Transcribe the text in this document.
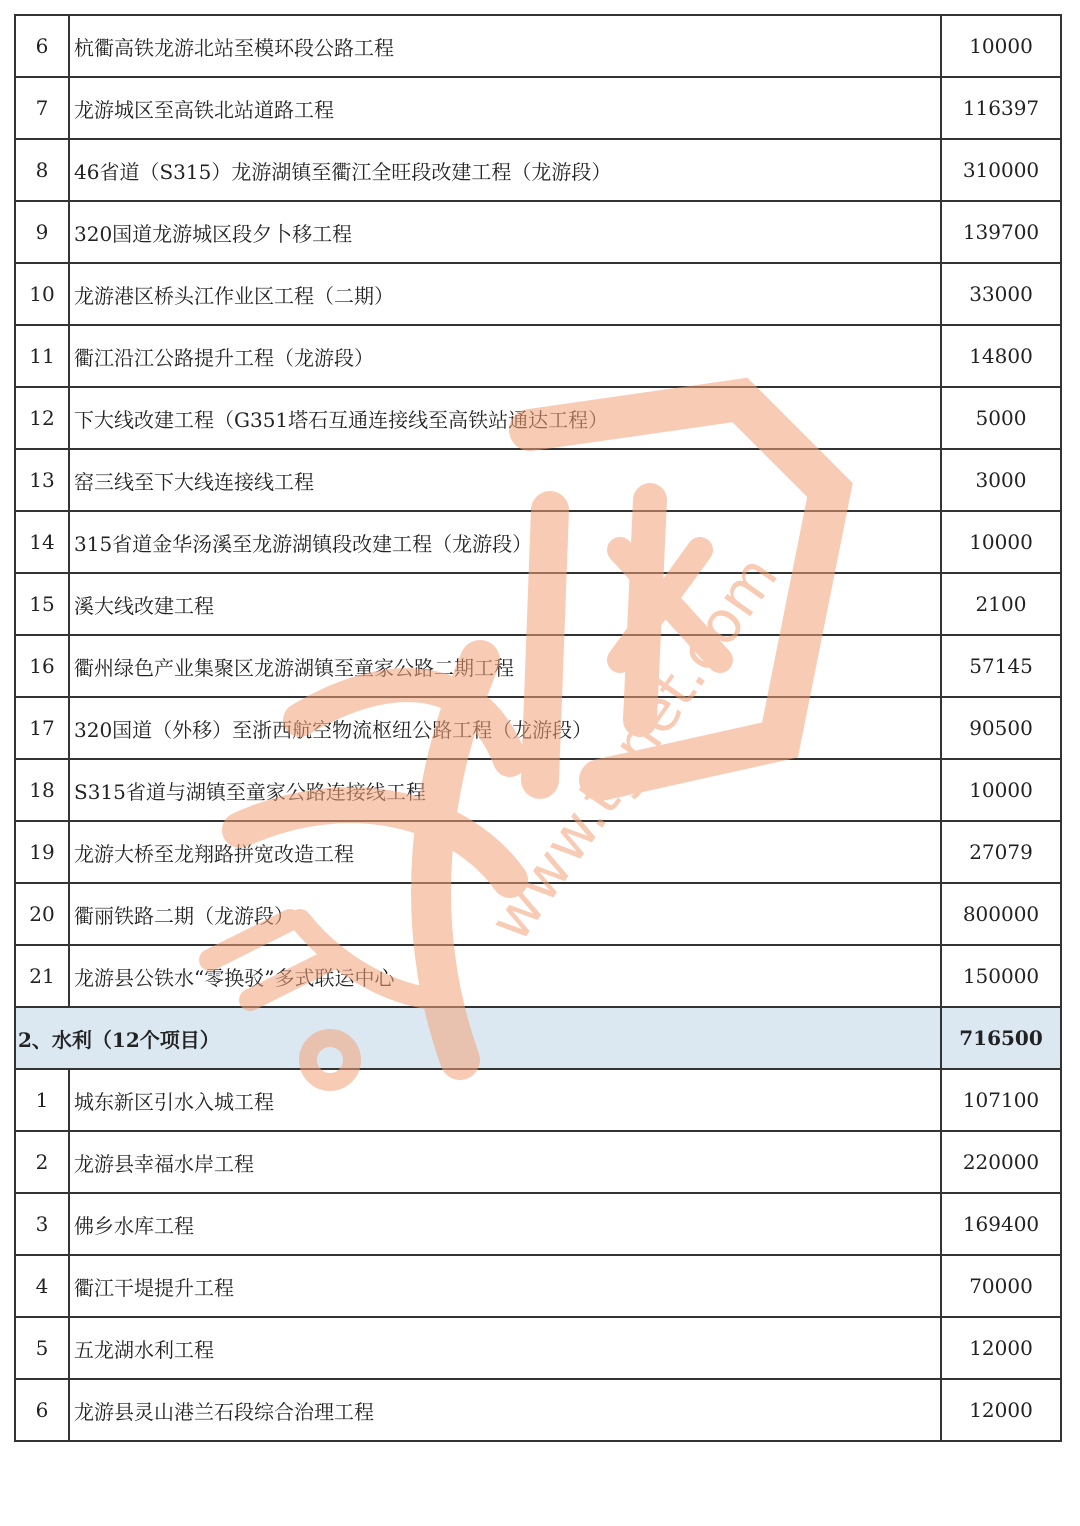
6	杭衢高铁龙游北站至模环段公路工程	10000
7	龙游城区至高铁北站道路工程	116397
8	46省道（S315）龙游湖镇至衢江全旺段改建工程（龙游段）	310000
9	320国道龙游城区段夕卜移工程	139700
10	龙游港区桥头江作业区工程（二期）	33000
11	衢江沿江公路提升工程（龙游段）	14800
12	下大线改建工程（G351塔石互通连接线至高铁站通达工程）	5000
13	窑三线至下大线连接线工程	3000
14	315省道金华汤溪至龙游湖镇段改建工程（龙游段）	10000
15	溪大线改建工程	2100
16	衢州绿色产业集聚区龙游湖镇至童家公路二期工程	57145
17	320国道（外移）至浙西航空物流枢纽公路工程（龙游段）	90500
18	S315省道与湖镇至童家公路连接线工程	10000
19	龙游大桥至龙翔路拼宽改造工程	27079
20	衢丽铁路二期（龙游段）	800000
21	龙游县公铁水“零换驳”多式联运中心	150000
2、水利（12个项目）		716500
1	城东新区引水入城工程	107100
2	龙游县幸福水岸工程	220000
3	佛乡水库工程	169400
4	衢江干堤提升工程	70000
5	五龙湖水利工程	12000
6	龙游县灵山港兰石段综合治理工程	12000
www.tgnet.com
